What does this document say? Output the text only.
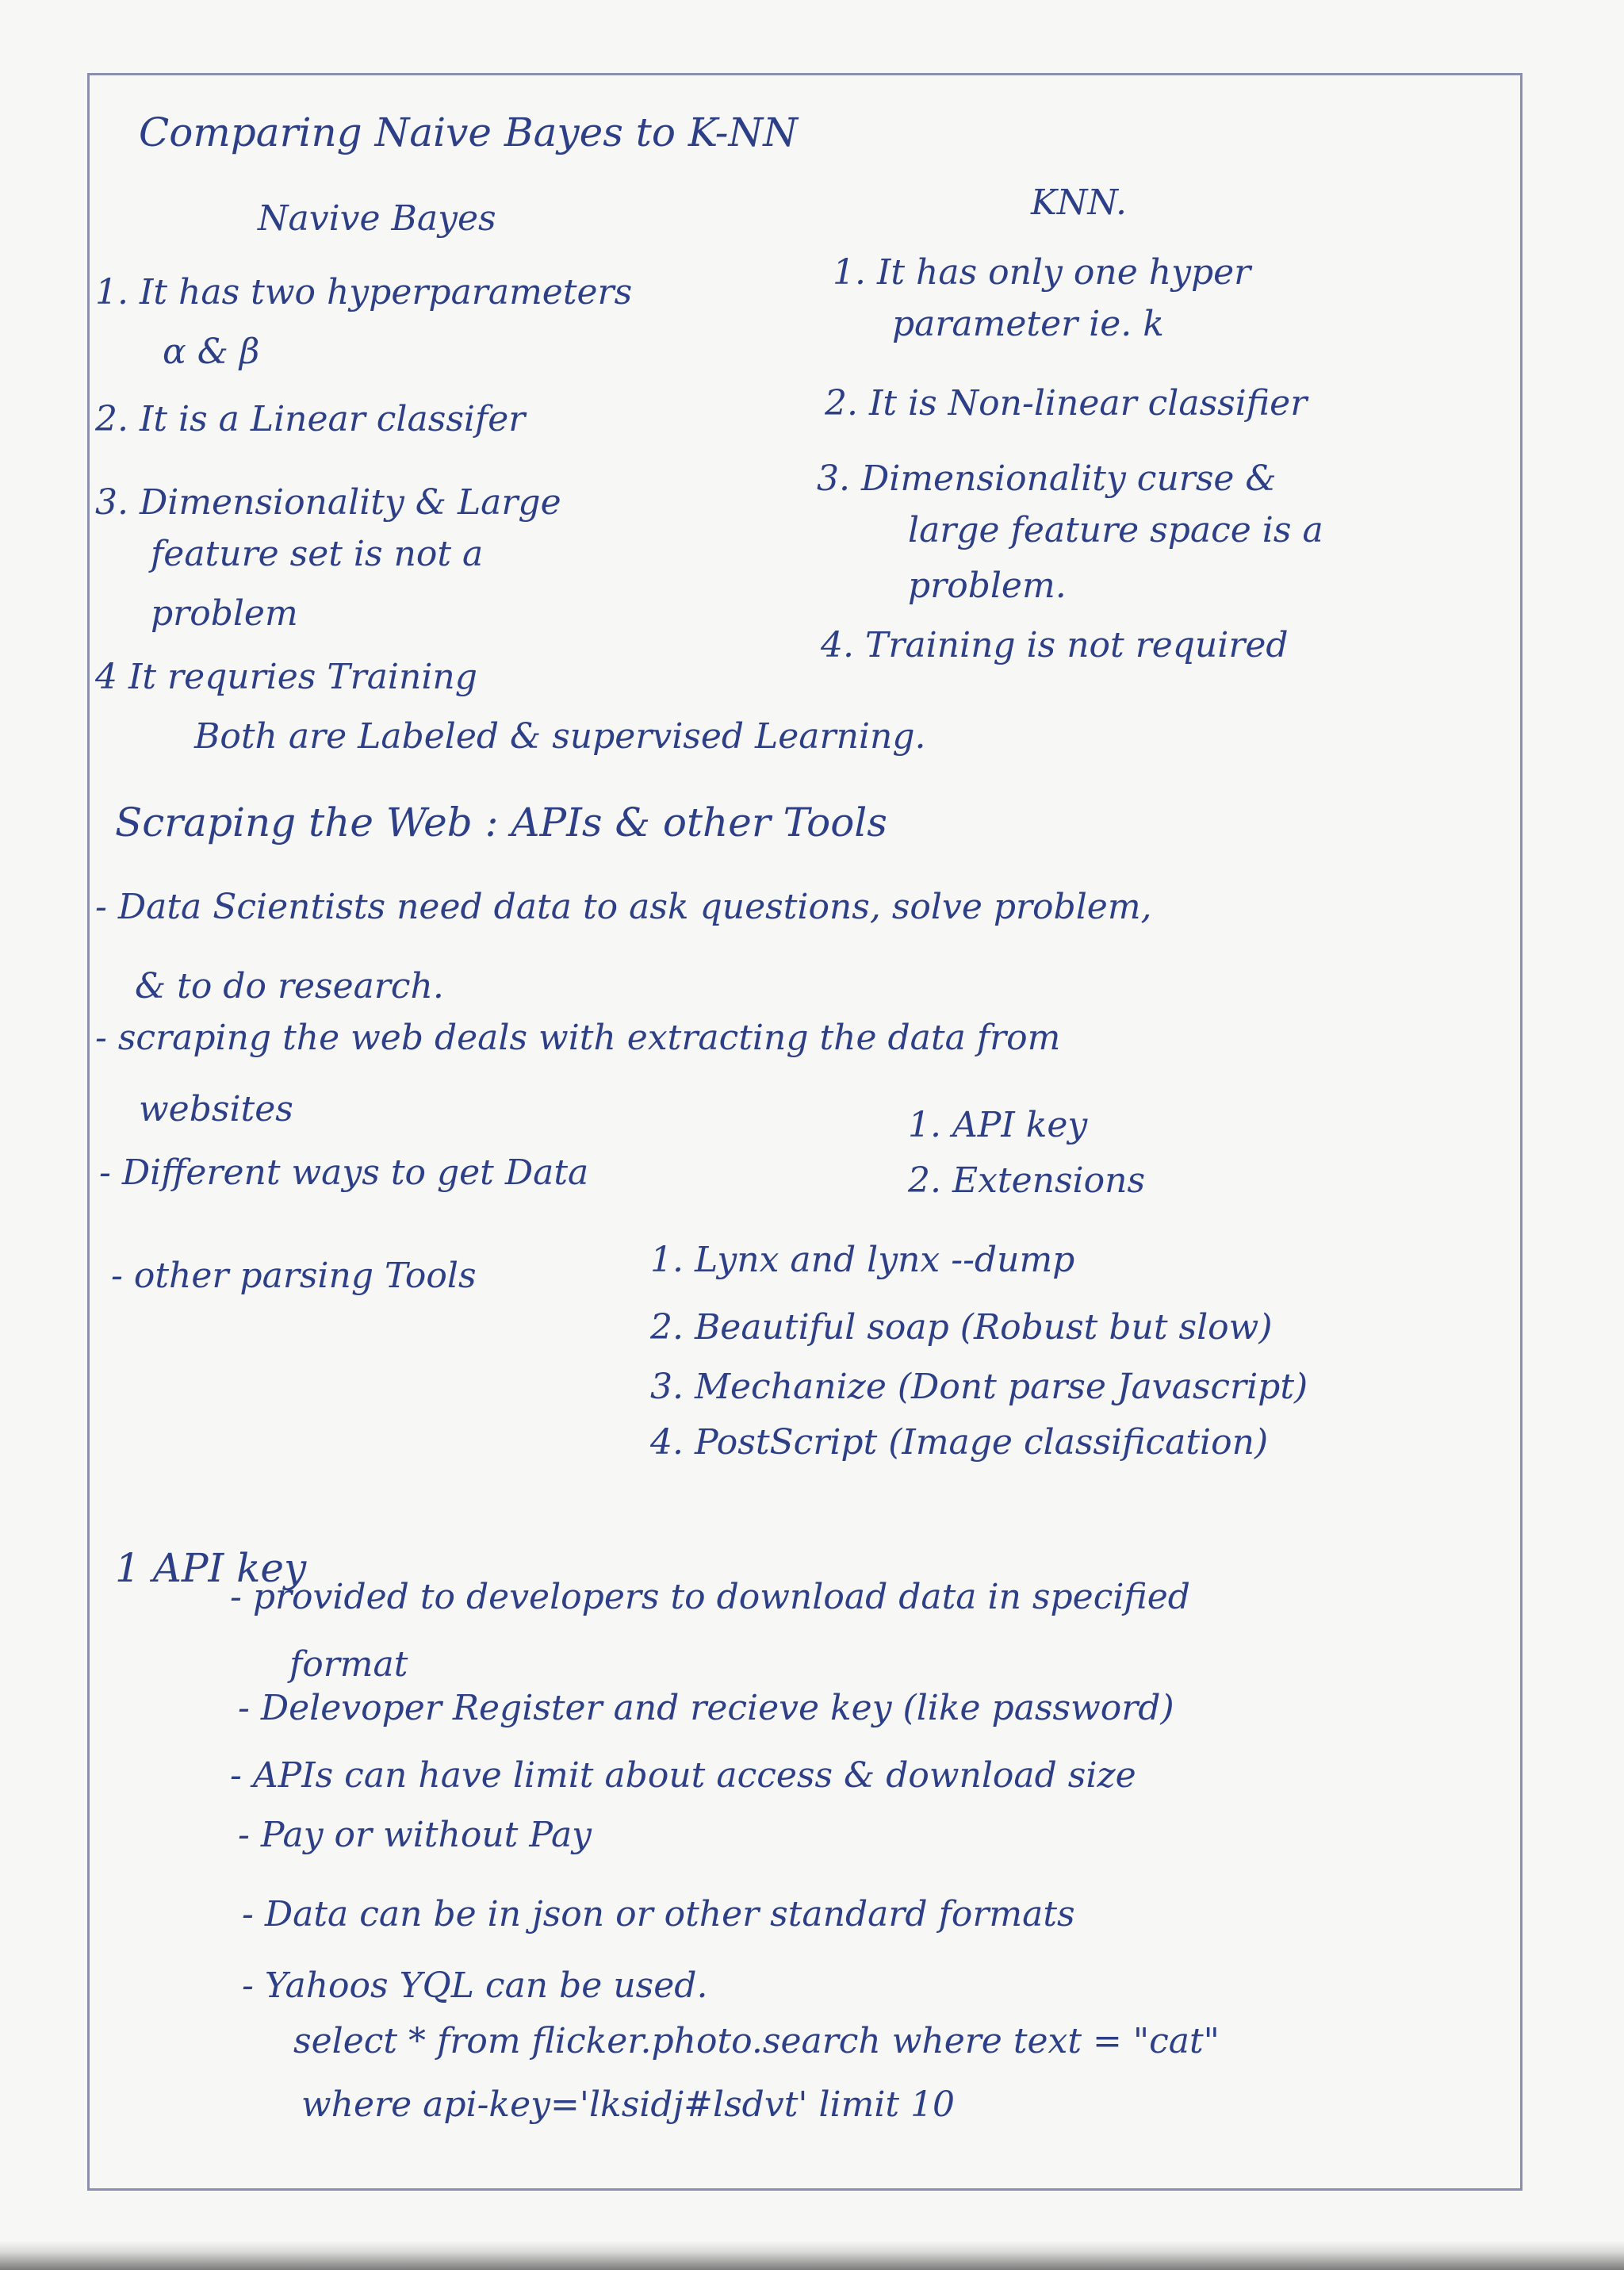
Comparing Naive Bayes to K-NN
Navive Bayes	KNN.
1. It has two hyperparameters
α & β
2. It is a Linear classifer
3. Dimensionality & Large
feature set is not a
problem
4 It requries Training
1. It has only one hyper
parameter ie. k
2. It is Non-linear classifier
3. Dimensionality curse &
large feature space is a
problem.
4. Training is not required
Both are Labeled & supervised Learning.
Scraping the Web : APIs & other Tools
- Data Scientists need data to ask questions, solve problem,
& to do research.
- scraping the web deals with extracting the data from
websites
- Different ways to get Data
1. API key
2. Extensions
- other parsing Tools	1. Lynx and lynx --dump
2. Beautiful soap (Robust but slow)
3. Mechanize (Dont parse Javascript)
4. PostScript (Image classification)
1 API key
- provided to developers to download data in specified
format
- Delevoper Register and recieve key (like password)
- APIs can have limit about access & download size
- Pay or without Pay
- Data can be in json or other standard formats
- Yahoos YQL can be used.
select * from flicker.photo.search where text = "cat"
where api-key='lksidj#lsdvt' limit 10
